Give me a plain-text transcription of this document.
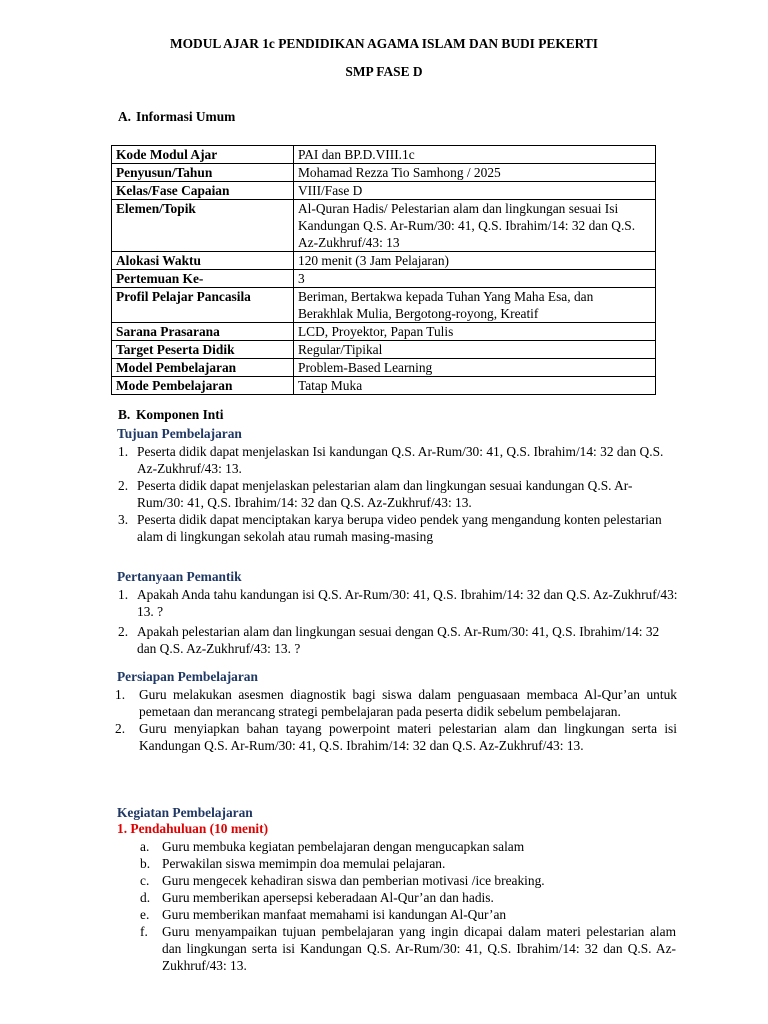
MODUL AJAR 1c PENDIDIKAN AGAMA ISLAM DAN BUDI PEKERTI
SMP FASE D
A. Informasi Umum
Kode Modul Ajar	PAI dan BP.D.VIII.1c
Penyusun/Tahun	Mohamad Rezza Tio Samhong / 2025
Kelas/Fase Capaian	VIII/Fase D
Elemen/Topik	Al-Quran Hadis/ Pelestarian alam dan lingkungan sesuai Isi Kandungan Q.S. Ar-Rum/30: 41, Q.S. Ibrahim/14: 32 dan Q.S. Az-Zukhruf/43: 13
Alokasi Waktu	120 menit (3 Jam Pelajaran)
Pertemuan Ke-	3
Profil Pelajar Pancasila	Beriman, Bertakwa kepada Tuhan Yang Maha Esa, dan Berakhlak Mulia, Bergotong-royong, Kreatif
Sarana Prasarana	LCD, Proyektor, Papan Tulis
Target Peserta Didik	Regular/Tipikal
Model Pembelajaran	Problem-Based Learning
Mode Pembelajaran	Tatap Muka
B. Komponen Inti
Tujuan Pembelajaran
1. Peserta didik dapat menjelaskan Isi kandungan Q.S. Ar-Rum/30: 41, Q.S. Ibrahim/14: 32 dan Q.S. Az-Zukhruf/43: 13.
2. Peserta didik dapat menjelaskan pelestarian alam dan lingkungan sesuai kandungan Q.S. Ar-Rum/30: 41, Q.S. Ibrahim/14: 32 dan Q.S. Az-Zukhruf/43: 13.
3. Peserta didik dapat menciptakan karya berupa video pendek yang mengandung konten pelestarian alam di lingkungan sekolah atau rumah masing-masing
Pertanyaan Pemantik
1. Apakah Anda tahu kandungan isi Q.S. Ar-Rum/30: 41, Q.S. Ibrahim/14: 32 dan Q.S. Az-Zukhruf/43: 13. ?
2. Apakah pelestarian alam dan lingkungan sesuai dengan Q.S. Ar-Rum/30: 41, Q.S. Ibrahim/14: 32 dan Q.S. Az-Zukhruf/43: 13. ?
Persiapan Pembelajaran
1. Guru melakukan asesmen diagnostik bagi siswa dalam penguasaan membaca Al-Qur’an untuk pemetaan dan merancang strategi pembelajaran pada peserta didik sebelum pembelajaran.
2. Guru menyiapkan bahan tayang powerpoint materi pelestarian alam dan lingkungan serta isi Kandungan Q.S. Ar-Rum/30: 41, Q.S. Ibrahim/14: 32 dan Q.S. Az-Zukhruf/43: 13.
Kegiatan Pembelajaran
1. Pendahuluan (10 menit)
a. Guru membuka kegiatan pembelajaran dengan mengucapkan salam
b. Perwakilan siswa memimpin doa memulai pelajaran.
c. Guru mengecek kehadiran siswa dan pemberian motivasi /ice breaking.
d. Guru memberikan apersepsi keberadaan Al-Qur’an dan hadis.
e. Guru memberikan manfaat memahami isi kandungan Al-Qur’an
f. Guru menyampaikan tujuan pembelajaran yang ingin dicapai dalam materi pelestarian alam dan lingkungan serta isi Kandungan Q.S. Ar-Rum/30: 41, Q.S. Ibrahim/14: 32 dan Q.S. Az-Zukhruf/43: 13.
